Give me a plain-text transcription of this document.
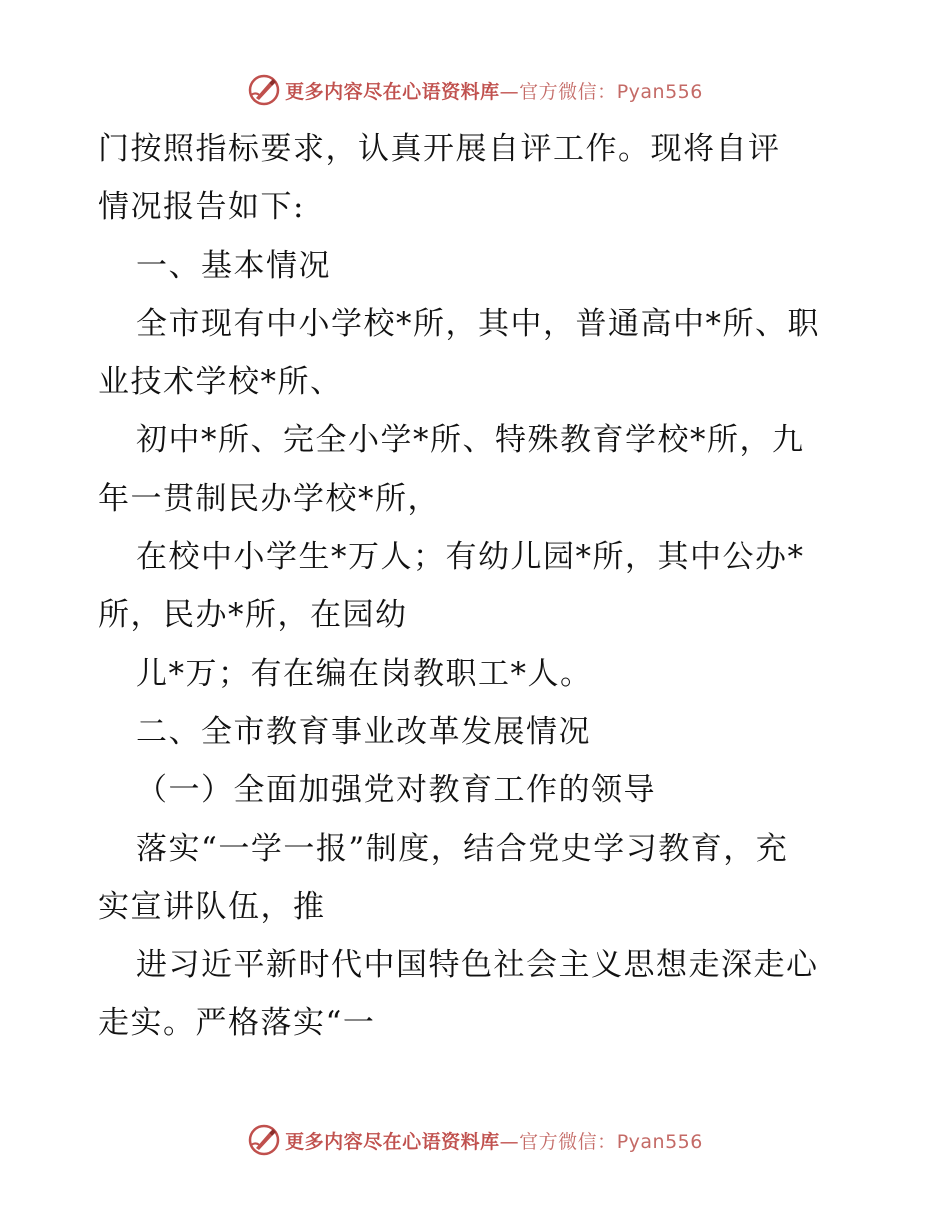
更多内容尽在心语资料库—官方微信：Pyan556
门按照指标要求，认真开展自评工作。现将自评
情况报告如下:
一、基本情况
全市现有中小学校*所，其中，普通高中*所、职
业技术学校*所、
初中*所、完全小学*所、特殊教育学校*所，九
年一贯制民办学校*所，
在校中小学生*万人；有幼儿园*所，其中公办*
所，民办*所，在园幼
儿*万；有在编在岗教职工*人。
二、全市教育事业改革发展情况
（一）全面加强党对教育工作的领导
落实“一学一报”制度，结合党史学习教育，充
实宣讲队伍，推
进习近平新时代中国特色社会主义思想走深走心
走实。严格落实“一
更多内容尽在心语资料库—官方微信：Pyan556
